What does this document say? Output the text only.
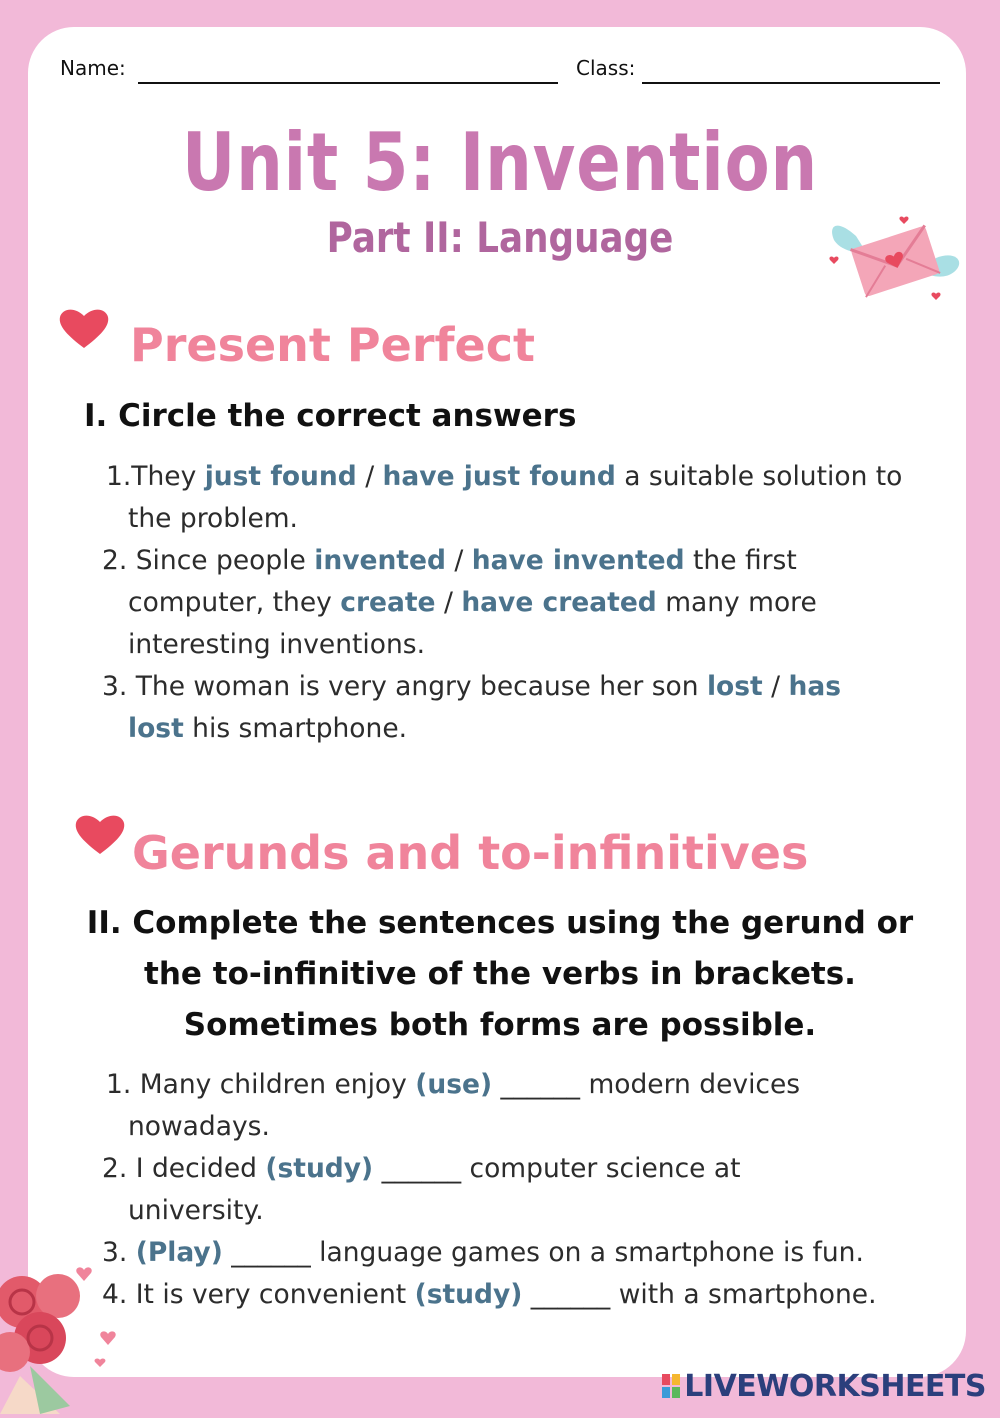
Name:	Class:
Unit 5: Invention
Part II: Language
Present Perfect
I. Circle the correct answers
1.They just found / have just found a suitable solution to
the problem.
2. Since people invented / have invented the first
computer, they create / have created many more
interesting inventions.
3. The woman is very angry because her son lost / has
lost his smartphone.
Gerunds and to-infinitives
II. Complete the sentences using the gerund or
the to-infinitive of the verbs in brackets.
Sometimes both forms are possible.
1. Many children enjoy (use) ______ modern devices
nowadays.
2. I decided (study) ______ computer science at
university.
3. (Play) ______ language games on a smartphone is fun.
4. It is very convenient (study) ______ with a smartphone.
LIVEWORKSHEETS
